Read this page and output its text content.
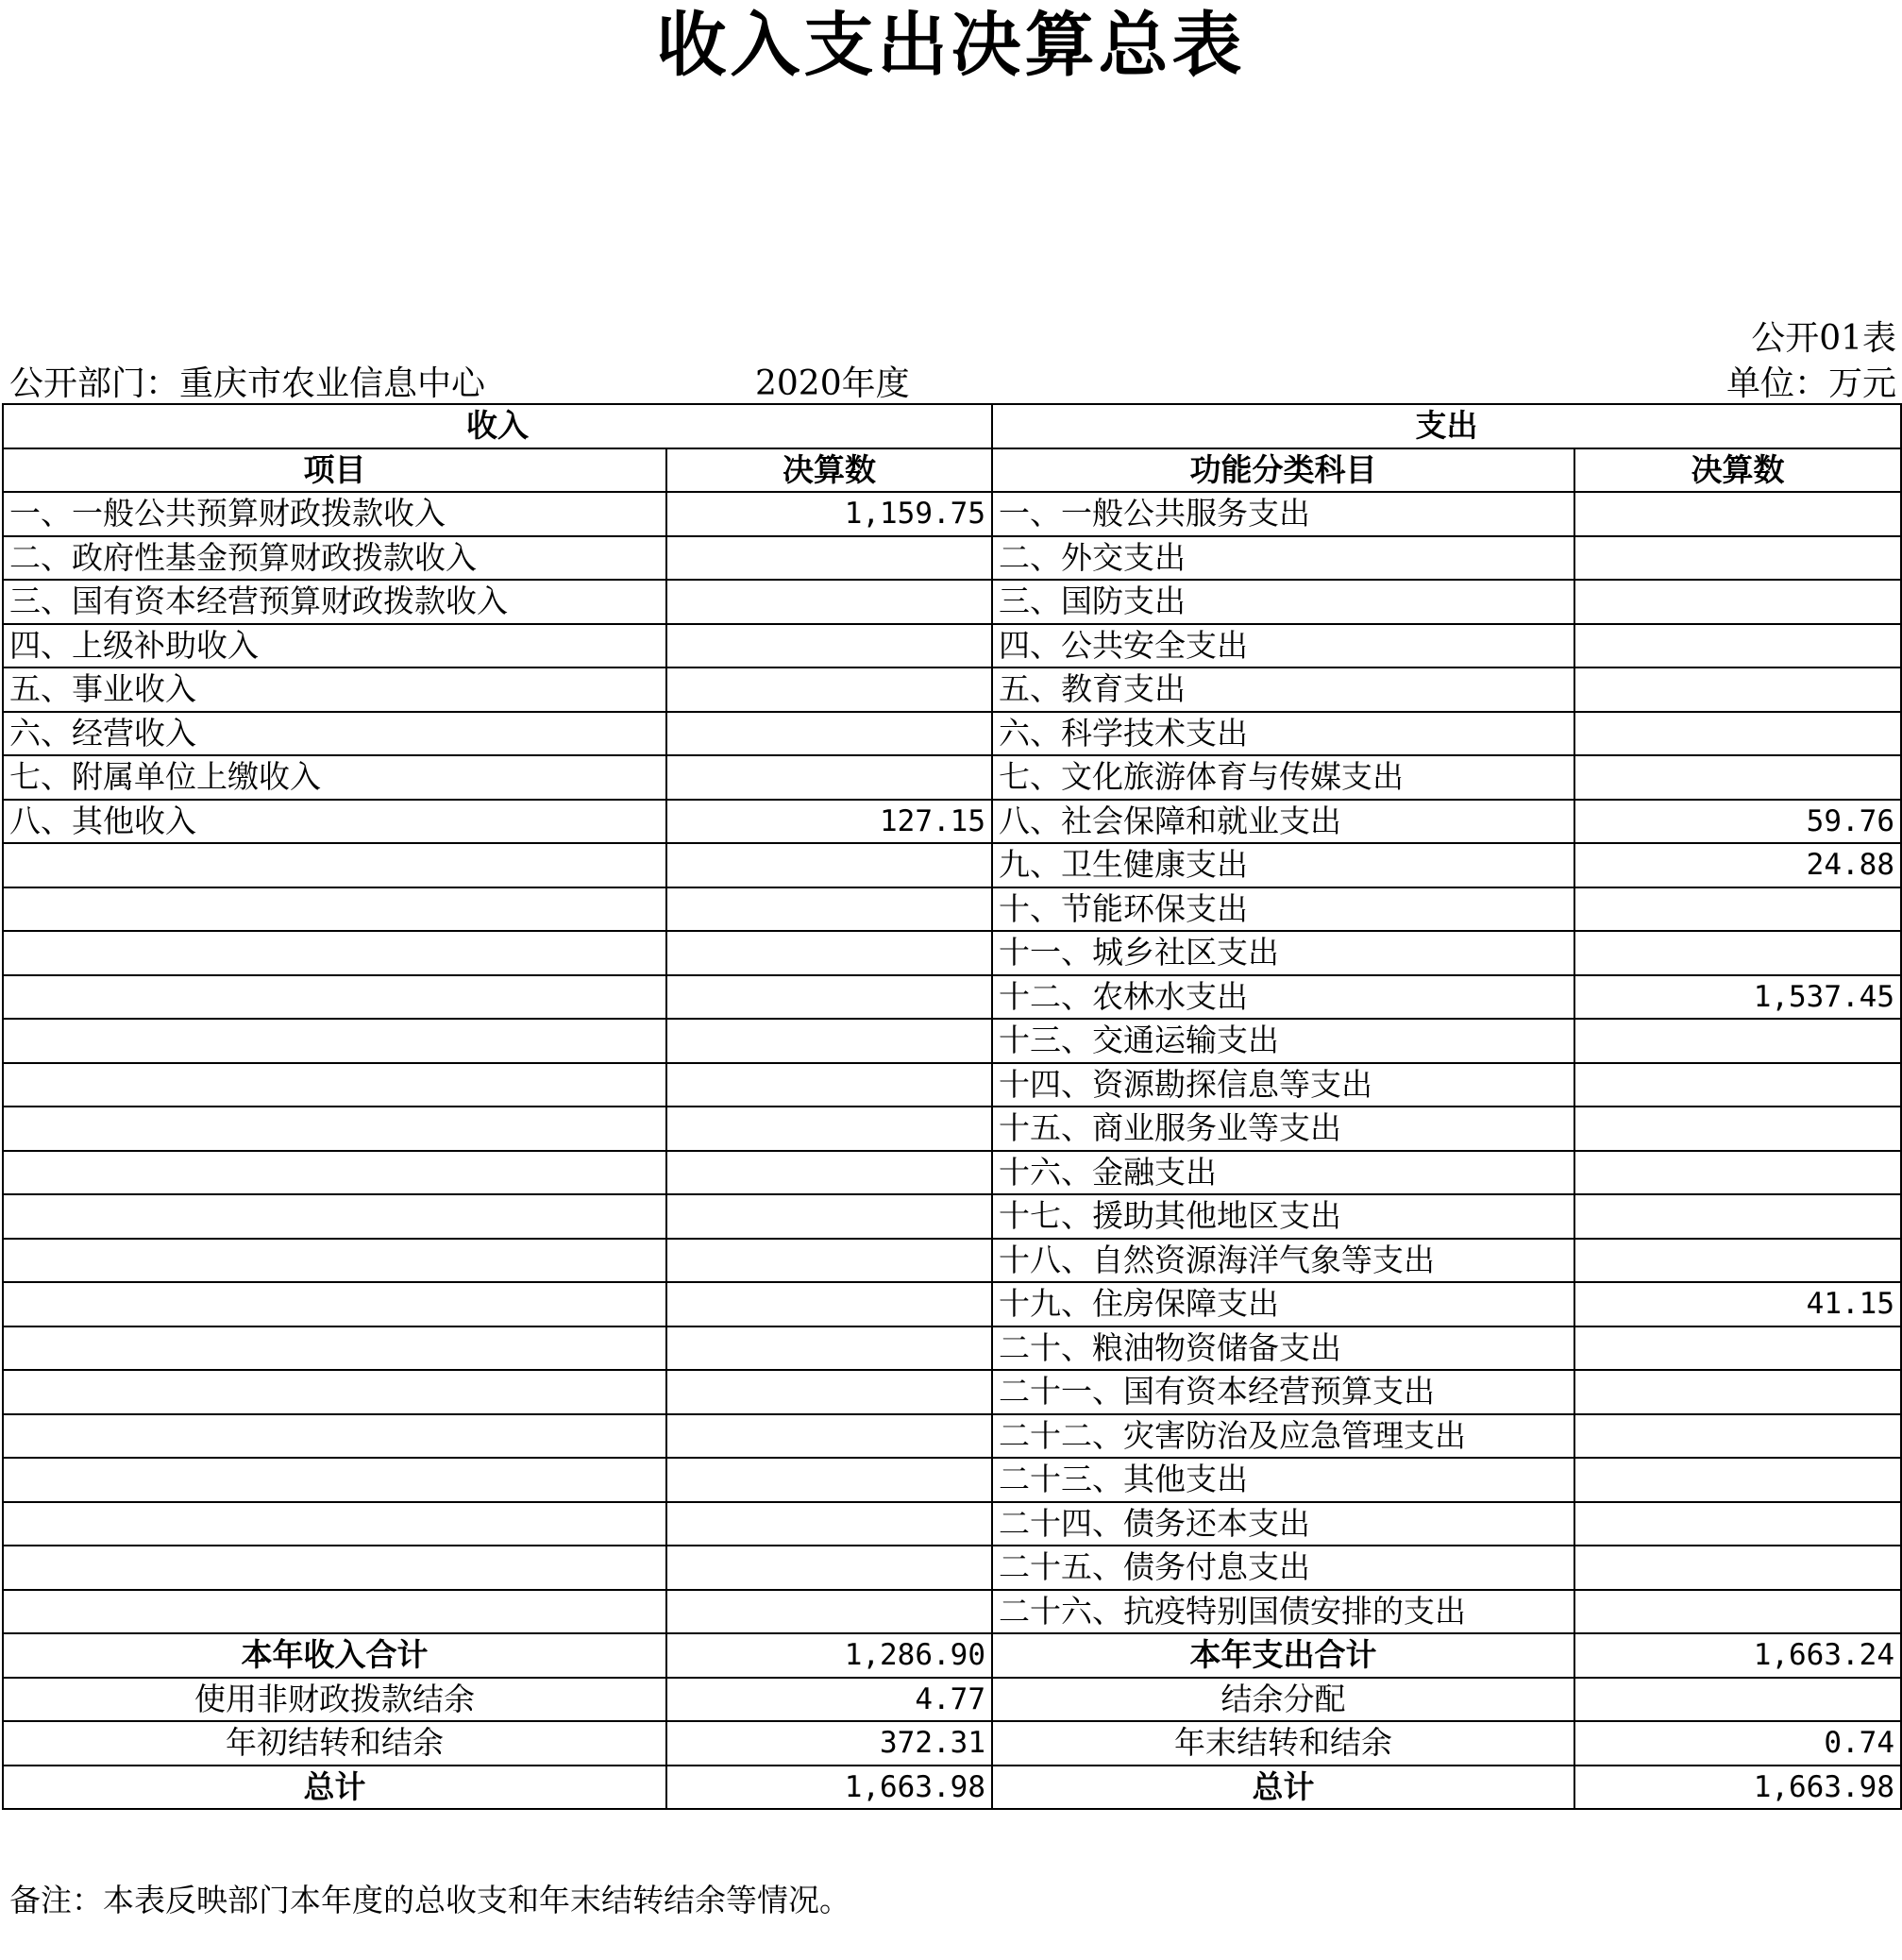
收入支出决算总表
公开01表
公开部门：重庆市农业信息中心	2020年度	单位：万元
收入		支出	
项目	决算数	功能分类科目	决算数
一、一般公共预算财政拨款收入	1,159.75	一、一般公共服务支出	
二、政府性基金预算财政拨款收入		二、外交支出	
三、国有资本经营预算财政拨款收入		三、国防支出	
四、上级补助收入		四、公共安全支出	
五、事业收入		五、教育支出	
六、经营收入		六、科学技术支出	
七、附属单位上缴收入		七、文化旅游体育与传媒支出	
八、其他收入	127.15	八、社会保障和就业支出	59.76
		九、卫生健康支出	24.88
		十、节能环保支出	
		十一、城乡社区支出	
		十二、农林水支出	1,537.45
		十三、交通运输支出	
		十四、资源勘探信息等支出	
		十五、商业服务业等支出	
		十六、金融支出	
		十七、援助其他地区支出	
		十八、自然资源海洋气象等支出	
		十九、住房保障支出	41.15
		二十、粮油物资储备支出	
		二十一、国有资本经营预算支出	
		二十二、灾害防治及应急管理支出	
		二十三、其他支出	
		二十四、债务还本支出	
		二十五、债务付息支出	
		二十六、抗疫特别国债安排的支出	
本年收入合计	1,286.90	本年支出合计	1,663.24
使用非财政拨款结余	4.77	结余分配	
年初结转和结余	372.31	年末结转和结余	0.74
总计	1,663.98	总计	1,663.98
备注：本表反映部门本年度的总收支和年末结转结余等情况。
